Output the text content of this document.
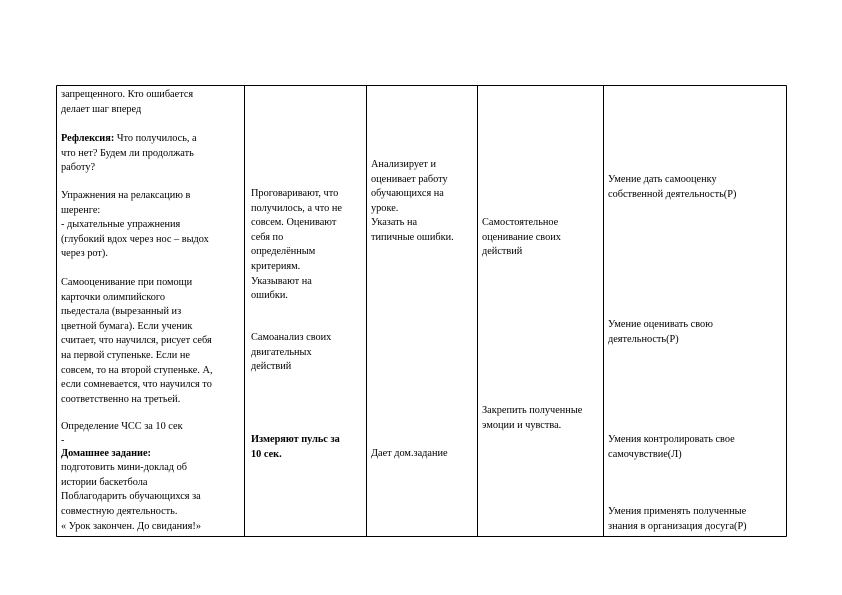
запрещенного. Кто ошибается
делает шаг вперед
Рефлексия: Что получилось, а
что нет? Будем ли продолжать
работу?
Упражнения на релаксацию в
шеренге:
- дыхательные упражнения
(глубокий вдох через нос – выдох
через рот).
Самооценивание при помощи
карточки олимпийского
пьедестала (вырезанный из
цветной бумага). Если ученик
считает, что научился, рисует себя
на первой ступеньке. Если не
совсем, то на второй ступеньке. А,
если сомневается, что научился то
соответственно на третьей.
Определение ЧСС за 10 сек
-
Домашнее задание:
подготовить мини-доклад об
истории баскетбола
Поблагодарить обучающихся за
совместную деятельность.
« Урок закончен. До свидания!»
Проговаривают, что
получилось, а что не
совсем. Оценивают
себя по
определённым
критериям.
Указывают на
ошибки.
Самоанализ своих
двигательных
действий
Измеряют пульс за
10 сек.
Анализирует и
оценивает работу
обучающихся на
уроке.
Указать на
типичные ошибки.
Дает дом.задание
Самостоятельное
оценивание своих
действий
Закрепить полученные
эмоции и чувства.
Умение дать самооценку
собственной деятельность(Р)
Умение оценивать свою
деятельность(Р)
Умения контролировать свое
самочувствие(Л)
Умения применять полученные
знания в организация досуга(Р)
